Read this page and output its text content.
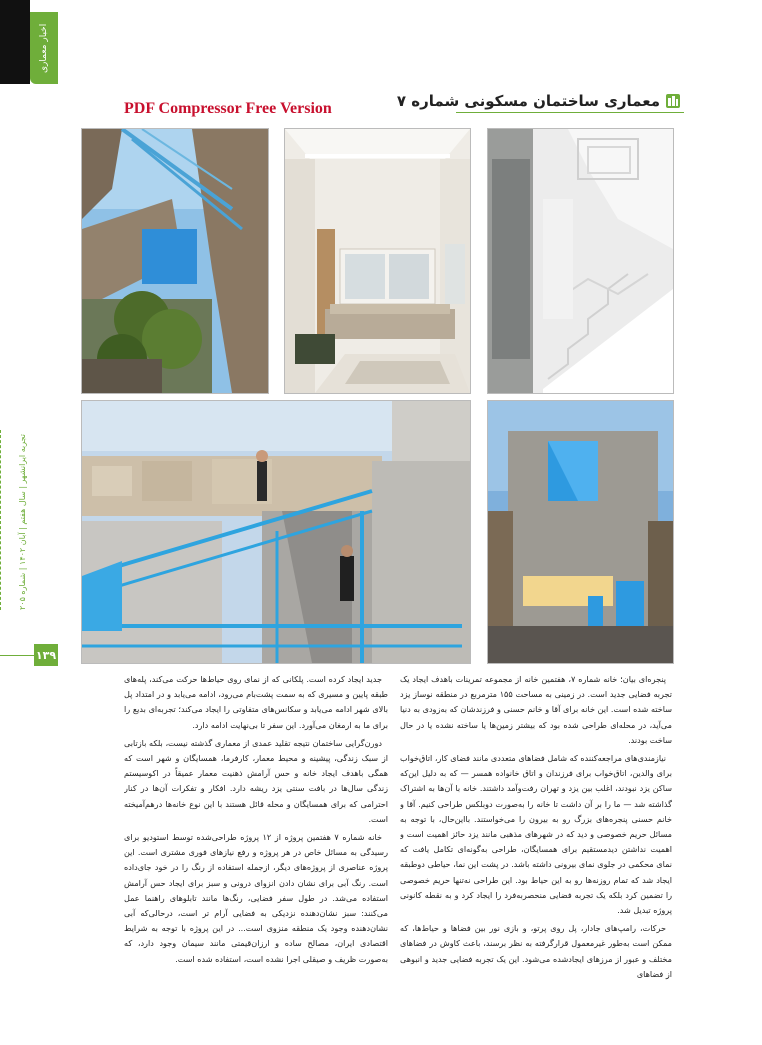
اخبار معماری
PDF Compressor Free Version	معماری ساختمان مسکونی شماره ۷
تجربه ایرانشهر | سال هفتم | آبان ۱۴۰۲ | شماره ۲۰۵
۱۳۹

پنجره‌ای بیان؛ خانه شماره ۷، هفتمین خانه از مجموعه تمرینات باهدف ایجاد یک تجربه فضایی جدید است. در زمینی به مساحت ۱۵۵ مترمربع در منطقه نوساز یزد ساخته شده است. این خانه برای آقا و خانم حسنی و فرزندشان که به‌زودی به دنیا می‌آید، در محله‌ای طراحی شده بود که بیشتر زمین‌ها یا ساخته نشده یا در حال ساخت بودند.

نیازمندی‌های مراجعه‌کننده که شامل فضاهای متعددی مانند فضای کار، اتاق‌خواب برای والدین، اتاق‌خواب برای فرزندان و اتاق خانواده همسر — که به دلیل این‌که ساکن یزد نبودند، اغلب بین یزد و تهران رفت‌وآمد داشتند. خانه با آن‌ها به اشتراک گذاشته شد — ما را بر آن داشت تا خانه را به‌صورت دوبلکس طراحی کنیم. آقا و خانم حسنی پنجره‌های بزرگ رو به بیرون را می‌خواستند. بااین‌حال، با توجه به مسائل حریم خصوصی و دید که در شهرهای مذهبی مانند یزد حائز اهمیت است و اهمیت نداشتن دیدمستقیم برای همسایگان، طراحی به‌گونه‌ای تکامل یافت که نمای محکمی در جلوی نمای بیرونی داشته باشد. در پشت این نما، حیاطی دوطبقه ایجاد شد که تمام روزنه‌ها رو به این حیاط بود. این طراحی نه‌تنها حریم خصوصی را تضمین کرد بلکه یک تجربه فضایی منحصربه‌فرد را ایجاد کرد و به نقطه کانونی پروژه تبدیل شد.

حرکات، رامپ‌های جادار، پل روی پرتو، و بازی نور بین فضاها و حیاط‌ها، که ممکن است به‌طور غیرمعمول قرارگرفته به نظر برسند، باعث کاوش در فضاهای مختلف و عبور از مرزهای ایجادشده می‌شود. این یک تجربه فضایی جدید و انبوهی از فضاهای

جدید ایجاد کرده است. پلکانی که از نمای روی حیاط‌ها حرکت می‌کند، پله‌های طبقه پایین و مسیری که به سمت پشت‌بام می‌رود، ادامه می‌یابد و در امتداد پل بالای شهر ادامه می‌یابد و سکانس‌های متفاوتی را ایجاد می‌کند؛ تجربه‌ای بدیع را برای ما به ارمغان می‌آورد. این سفر تا بی‌نهایت ادامه دارد.

دورن‌گرایی ساختمان نتیجه تقلید عمدی از معماری گذشته نیست، بلکه بازتابی از سبک زندگی، پیشینه و محیط معمار، کارفرما، همسایگان و شهر است که همگی باهدف ایجاد خانه و حس آرامش ذهنیت معمار عمیقاً در اکوسیستم زندگی سال‌ها در بافت سنتی یزد ریشه دارد. افکار و تفکرات آن‌ها در کنار احترامی که برای همسایگان و محله قائل هستند با این نوع خانه‌ها درهم‌آمیخته است.

خانه شماره ۷ هفتمین پروژه از ۱۲ پروژه طراحی‌شده توسط استودیو برای رسیدگی به مسائل خاص در هر پروژه و رفع نیازهای فوری مشتری است. این پروژه عناصری از پروژه‌های دیگر، ازجمله استفاده از رنگ را در خود جای‌داده است. رنگ آبی برای نشان دادن انزوای درونی و سبز برای ایجاد حس آرامش استفاده می‌شد. در طول سفر فضایی، رنگ‌ها مانند تابلوهای راهنما عمل می‌کنند: سبز نشان‌دهنده نزدیکی به فضایی آرام تر است، درحالی‌که آبی نشان‌دهنده وجود یک منطقه منزوی است... در این پروژه با توجه به شرایط اقتصادی ایران، مصالح ساده و ارزان‌قیمتی مانند سیمان وجود دارد، که به‌صورت ظریف و صیقلی اجرا نشده است، استفاده شده است.
